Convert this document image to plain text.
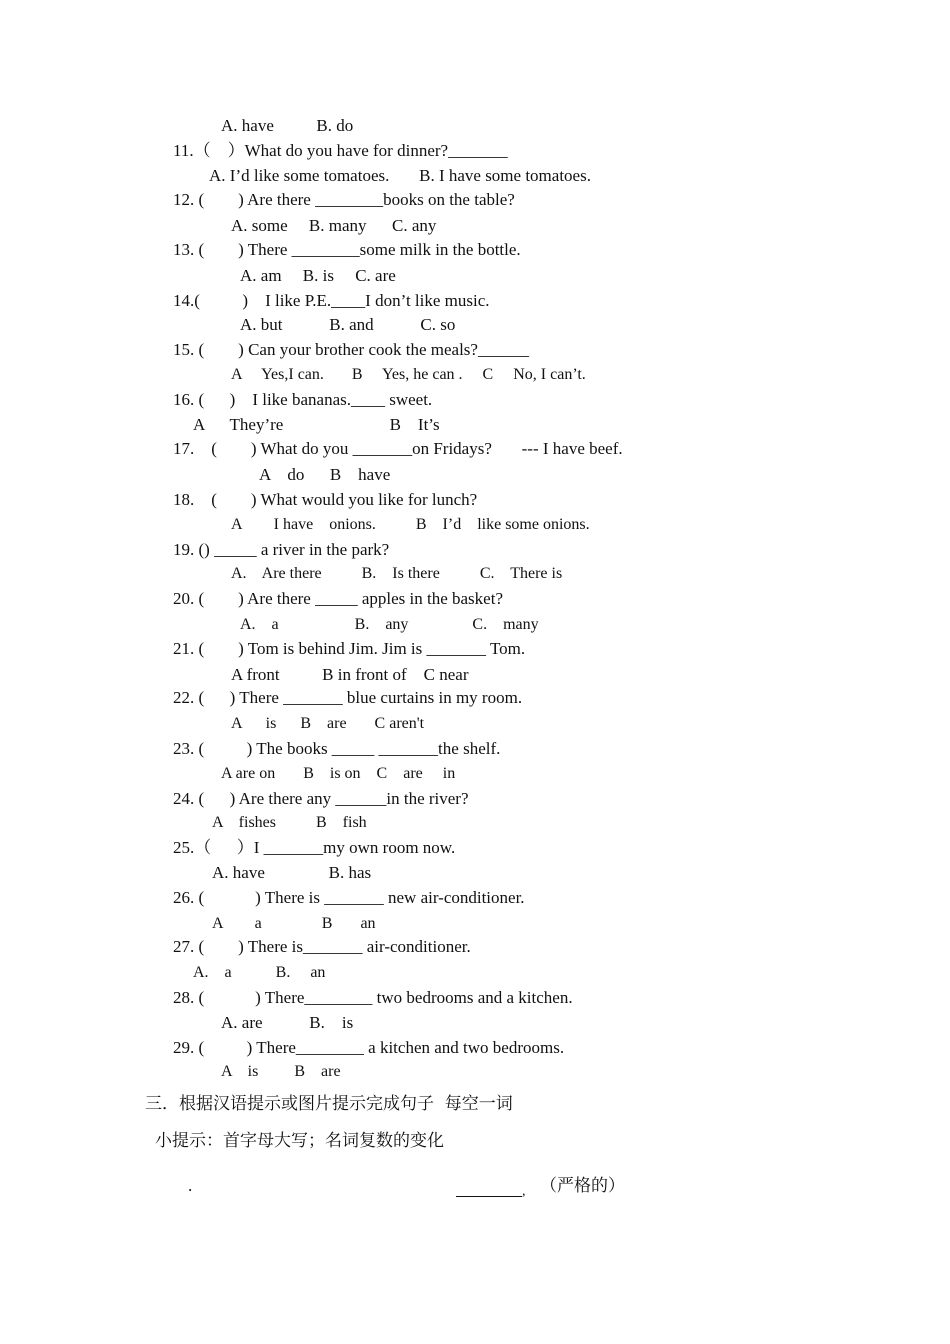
A. have          B. do
11.（    ）What do you have for dinner?_______
A. I’d like some tomatoes.       B. I have some tomatoes.
12. (        ) Are there ________books on the table?
A. some     B. many      C. any
13. (        ) There ________some milk in the bottle.
A. am     B. is     C. are
14.(          )    I like P.E.____I don’t like music.
A. but           B. and           C. so
15. (        ) Can your brother cook the meals?______
A     Yes,I can.       B     Yes, he can .     C     No, I can’t.
16. (      )    I like bananas.____ sweet.
A      They’re                         B    It’s
17.    (        ) What do you _______on Fridays?       --- I have beef.
A    do      B    have
18.    (        ) What would you like for lunch?
A        I have    onions.          B    I’d    like some onions.
19. () _____ a river in the park?
A.    Are there          B.    Is there          C.    There is
20. (        ) Are there _____ apples in the basket?
A.    a                   B.    any                C.    many
21. (        ) Tom is behind Jim. Jim is _______ Tom.
A front          B in front of    C near
22. (      ) There _______ blue curtains in my room.
A      is      B    are       C aren't
23. (          ) The books _____ _______the shelf.
A are on       B    is on    C    are     in
24. (      ) Are there any ______in the river?
A    fishes          B    fish
25.（      ）I _______my own room now.
A. have               B. has
26. (            ) There is _______ new air-conditioner.
A        a               B       an
27. (        ) There is_______ air-conditioner.
A.    a           B.     an
28. (            ) There________ two bedrooms and a kitchen.
A. are           B.    is
29. (          ) There________ a kitchen and two bedrooms.
A    is         B    are
三．根据汉语提示或图片提示完成句子  每空一词
小提示：首字母大写；名词复数的变化
.	, （严格的）
